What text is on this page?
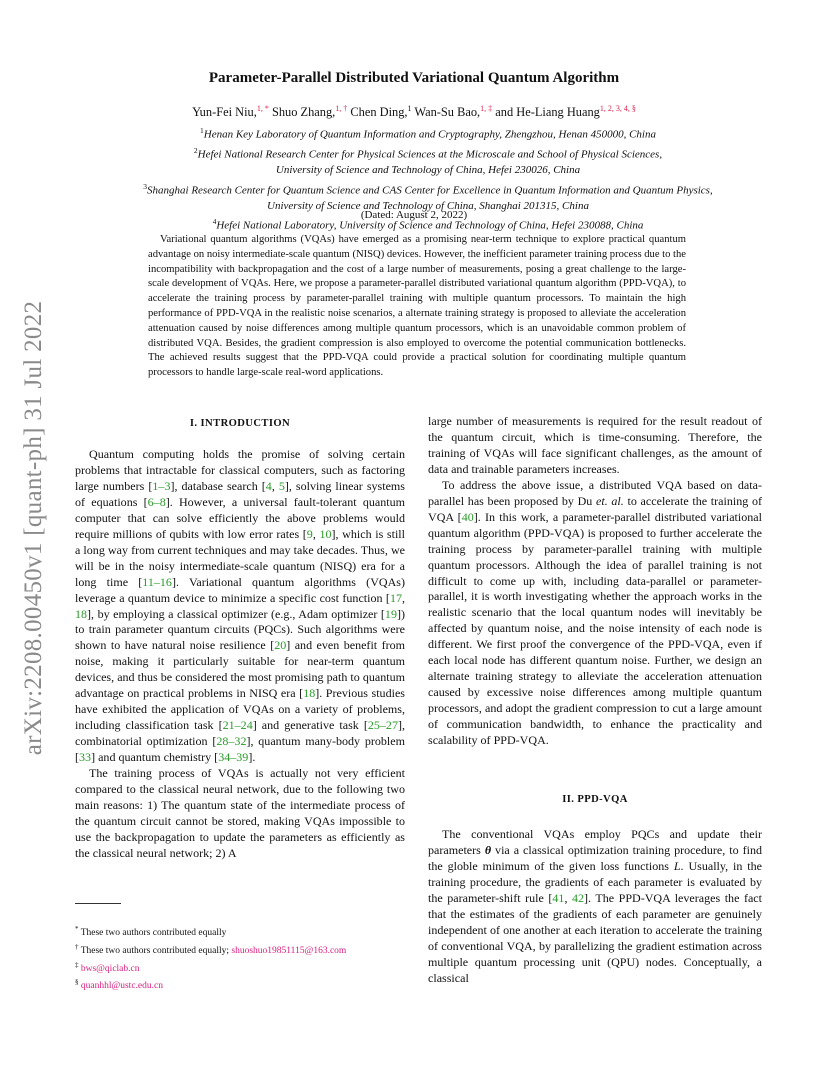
arXiv:2208.00450v1 [quant-ph] 31 Jul 2022
Parameter-Parallel Distributed Variational Quantum Algorithm
Yun-Fei Niu,$^{1, *}$ Shuo Zhang,$^{1, \dagger}$ Chen Ding,$^1$ Wan-Su Bao,$^{1, \ddagger}$ and He-Liang Huang$^{1, 2, 3, 4, \S}$
$^1$Henan Key Laboratory of Quantum Information and Cryptography, Zhengzhou, Henan 450000, China
$^2$Hefei National Research Center for Physical Sciences at the Microscale and School of Physical Sciences,
University of Science and Technology of China, Hefei 230026, China
$^3$Shanghai Research Center for Quantum Science and CAS Center for Excellence in Quantum Information and Quantum Physics,
University of Science and Technology of China, Shanghai 201315, China
$^4$Hefei National Laboratory, University of Science and Technology of China, Hefei 230088, China
(Dated: August 2, 2022)
Variational quantum algorithms (VQAs) have emerged as a promising near-term technique to explore practical quantum advantage on noisy intermediate-scale quantum (NISQ) devices. However, the inefficient parameter training process due to the incompatibility with backpropagation and the cost of a large number of measurements, posing a great challenge to the large-scale development of VQAs. Here, we propose a parameter-parallel distributed variational quantum algorithm (PPD-VQA), to accelerate the training process by parameter-parallel training with multiple quantum processors. To maintain the high performance of PPD-VQA in the realistic noise scenarios, a alternate training strategy is proposed to alleviate the acceleration attenuation caused by noise differences among multiple quantum processors, which is an unavoidable common problem of distributed VQA. Besides, the gradient compression is also employed to overcome the potential communication bottlenecks. The achieved results suggest that the PPD-VQA could provide a practical solution for coordinating multiple quantum processors to handle large-scale real-word applications.
I. INTRODUCTION

Quantum computing holds the promise of solving certain problems that intractable for classical computers, such as factoring large numbers [1–3], database search [4, 5], solving linear systems of equations [6–8]. However, a universal fault-tolerant quantum computer that can solve efficiently the above problems would require millions of qubits with low error rates [9, 10], which is still a long way from current techniques and may take decades. Thus, we will be in the noisy intermediate-scale quantum (NISQ) era for a long time [11–16]. Variational quantum algorithms (VQAs) leverage a quantum device to minimize a specific cost function [17, 18], by employing a classical optimizer (e.g., Adam optimizer [19]) to train parameter quantum circuits (PQCs). Such algorithms were shown to have natural noise resilience [20] and even benefit from noise, making it particularly suitable for near-term quantum devices, and thus be considered the most promising path to quantum advantage on practical problems in NISQ era [18]. Previous studies have exhibited the application of VQAs on a variety of problems, including classification task [21–24] and generative task [25–27], combinatorial optimization [28–32], quantum many-body problem [33] and quantum chemistry [34–39].

The training process of VQAs is actually not very efficient compared to the classical neural network, due to the following two main reasons: 1) The quantum state of the intermediate process of the quantum circuit cannot be stored, making VQAs impossible to use the backpropagation to update the parameters as efficiently as the classical neural network; 2) A

large number of measurements is required for the result readout of the quantum circuit, which is time-consuming. Therefore, the training of VQAs will face significant challenges, as the amount of data and trainable parameters increases.

To address the above issue, a distributed VQA based on data-parallel has been proposed by Du et. al. to accelerate the training of VQA [40]. In this work, a parameter-parallel distributed variational quantum algorithm (PPD-VQA) is proposed to further accelerate the training process by parameter-parallel training with multiple quantum processors. Although the idea of parallel training is not difficult to come up with, including data-parallel or parameter-parallel, it is worth investigating whether the approach works in the realistic scenario that the local quantum nodes will inevitably be affected by quantum noise, and the noise intensity of each node is different. We first proof the convergence of the PPD-VQA, even if each local node has different quantum noise. Further, we design an alternate training strategy to alleviate the acceleration attenuation caused by excessive noise differences among multiple quantum processors, and adopt the gradient compression to cut a large amount of communication bandwidth, to enhance the practicality and scalability of PPD-VQA.

II. PPD-VQA

The conventional VQAs employ PQCs and update their parameters θ via a classical optimization training procedure, to find the globle minimum of the given loss functions L. Usually, in the training procedure, the gradients of each parameter is evaluated by the parameter-shift rule [41, 42]. The PPD-VQA leverages the fact that the estimates of the gradients of each parameter are genuinely independent of one another at each iteration to accelerate the training of conventional VQA, by parallelizing the gradient estimation across multiple quantum processing unit (QPU) nodes. Conceptually, a classical

* These two authors contributed equally
† These two authors contributed equally; shuoshuo19851115@163.com
‡ bws@qiclab.cn
§ quanhhl@ustc.edu.cn
